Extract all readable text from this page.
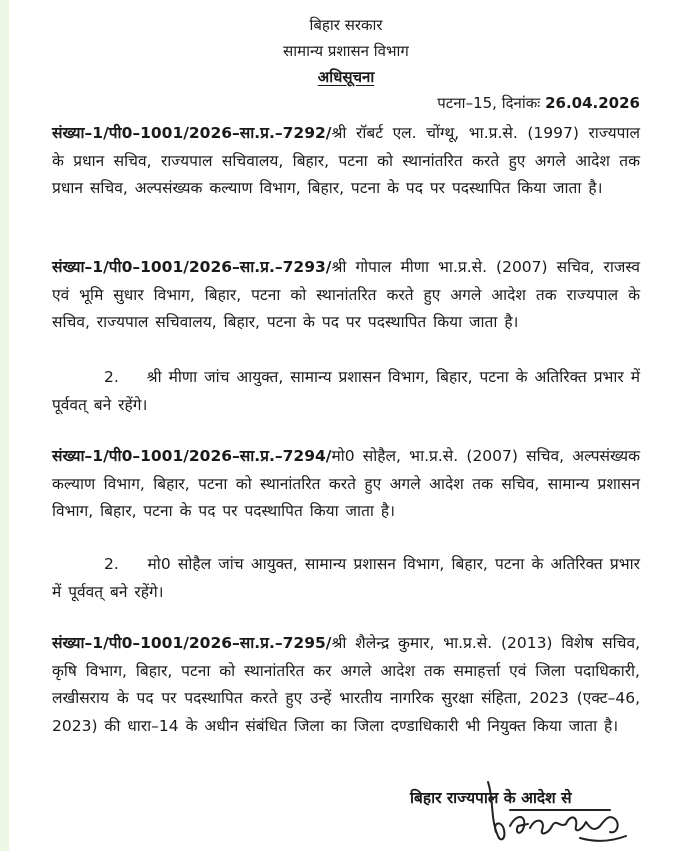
बिहार सरकार
सामान्य प्रशासन विभाग
अधिसूचना
पटना–15, दिनांकः 26.04.2026
संख्या–1/पी0–1001/2026–सा.प्र.–7292/श्री रॉबर्ट एल. चोंग्थू, भा.प्र.से. (1997) राज्यपाल के प्रधान सचिव, राज्यपाल सचिवालय, बिहार, पटना को स्थानांतरित करते हुए अगले आदेश तक प्रधान सचिव, अल्पसंख्यक कल्याण विभाग, बिहार, पटना के पद पर पदस्थापित किया जाता है।
संख्या–1/पी0–1001/2026–सा.प्र.–7293/श्री गोपाल मीणा भा.प्र.से. (2007) सचिव, राजस्व एवं भूमि सुधार विभाग, बिहार, पटना को स्थानांतरित करते हुए अगले आदेश तक राज्यपाल के सचिव, राज्यपाल सचिवालय, बिहार, पटना के पद पर पदस्थापित किया जाता है।
2.    श्री मीणा जांच आयुक्त, सामान्य प्रशासन विभाग, बिहार, पटना के अतिरिक्त प्रभार में पूर्ववत् बने रहेंगे।
संख्या–1/पी0–1001/2026–सा.प्र.–7294/मो0 सोहैल, भा.प्र.से. (2007) सचिव, अल्पसंख्यक कल्याण विभाग, बिहार, पटना को स्थानांतरित करते हुए अगले आदेश तक सचिव, सामान्य प्रशासन विभाग, बिहार, पटना के पद पर पदस्थापित किया जाता है।
2.    मो0 सोहैल जांच आयुक्त, सामान्य प्रशासन विभाग, बिहार, पटना के अतिरिक्त प्रभार में पूर्ववत् बने रहेंगे।
संख्या–1/पी0–1001/2026–सा.प्र.–7295/श्री शैलेन्द्र कुमार, भा.प्र.से. (2013) विशेष सचिव, कृषि विभाग, बिहार, पटना को स्थानांतरित कर अगले आदेश तक समाहर्त्ता एवं जिला पदाधिकारी, लखीसराय के पद पर पदस्थापित करते हुए उन्हें भारतीय नागरिक सुरक्षा संहिता, 2023 (एक्ट–46, 2023) की धारा–14 के अधीन संबंधित जिला का जिला दण्डाधिकारी भी नियुक्त किया जाता है।
बिहार राज्यपाल के आदेश से
